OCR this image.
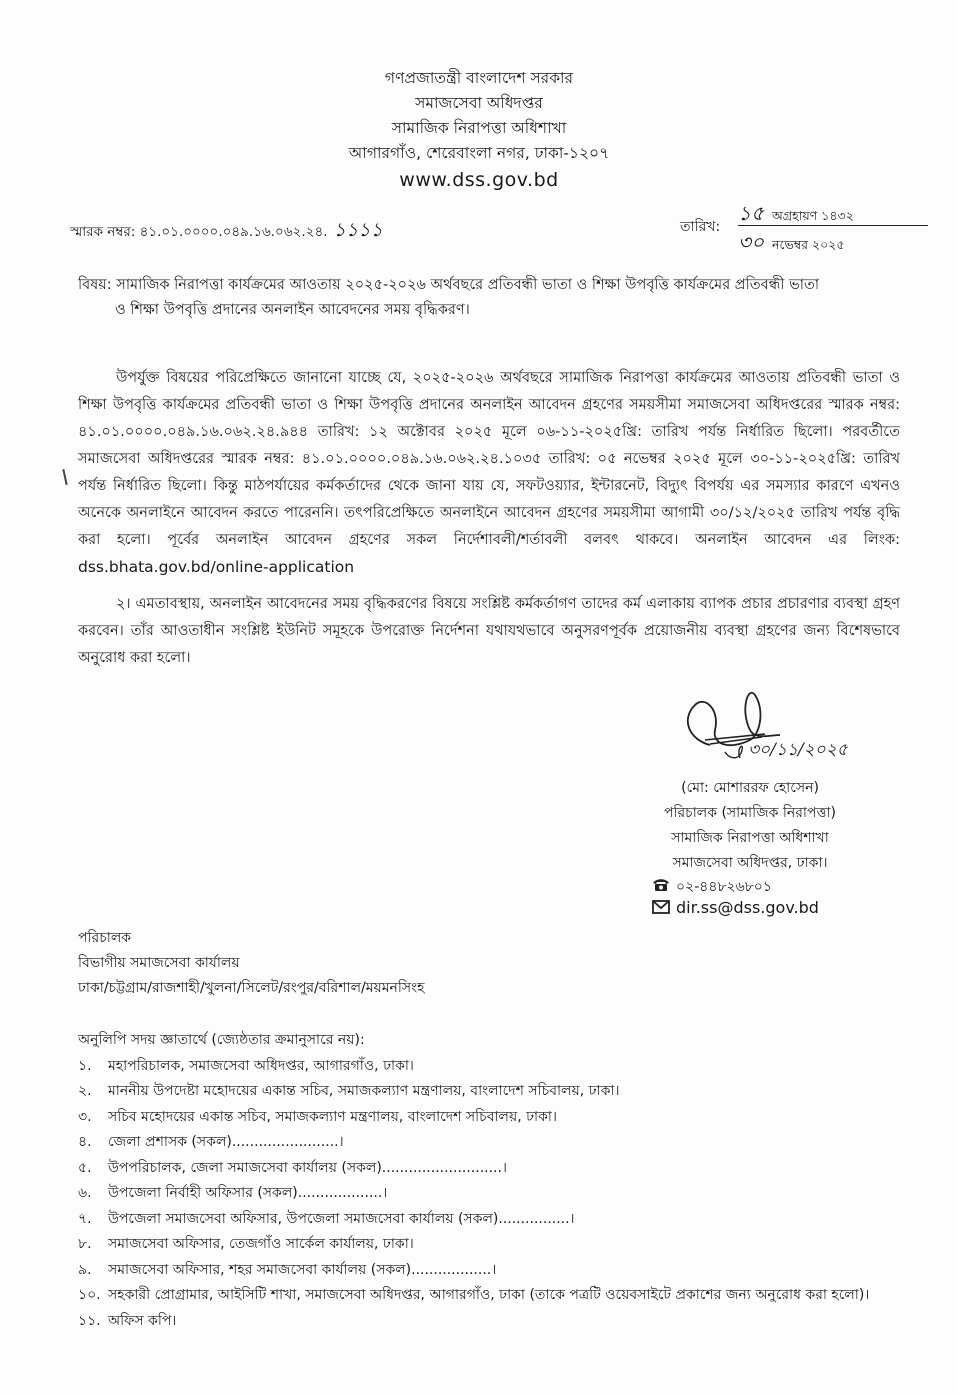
গণপ্রজাতন্ত্রী বাংলাদেশ সরকার
সমাজসেবা অধিদপ্তর
সামাজিক নিরাপত্তা অধিশাখা
আগারগাঁও, শেরেবাংলা নগর, ঢাকা-১২০৭
www.dss.gov.bd
স্মারক নম্বর: ৪১.০১.০০০০.০৪৯.১৬.০৬২.২৪. ১১১১	তারিখ:
১৫ অগ্রহায়ণ ১৪৩২
৩০ নভেম্বর ২০২৫
বিষয়: সামাজিক নিরাপত্তা কার্যক্রমের আওতায় ২০২৫-২০২৬ অর্থবছরে প্রতিবন্ধী ভাতা ও শিক্ষা উপবৃত্তি কার্যক্রমের প্রতিবন্ধী ভাতা
ও শিক্ষা উপবৃত্তি প্রদানের অনলাইন আবেদনের সময় বৃদ্ধিকরণ।
উপর্যুক্ত বিষয়ের পরিপ্রেক্ষিতে জানানো যাচ্ছে যে, ২০২৫-২০২৬ অর্থবছরে সামাজিক নিরাপত্তা কার্যক্রমের আওতায় প্রতিবন্ধী ভাতা ও শিক্ষা উপবৃত্তি কার্যক্রমের প্রতিবন্ধী ভাতা ও শিক্ষা উপবৃত্তি প্রদানের অনলাইন আবেদন গ্রহণের সময়সীমা সমাজসেবা অধিদপ্তরের স্মারক নম্বর: ৪১.০১.০০০০.০৪৯.১৬.০৬২.২৪.৯৪৪ তারিখ: ১২ অক্টোবর ২০২৫ মূলে ০৬-১১-২০২৫খ্রি: তারিখ পর্যন্ত নির্ধারিত ছিলো। পরবর্তীতে সমাজসেবা অধিদপ্তরের স্মারক নম্বর: ৪১.০১.০০০০.০৪৯.১৬.০৬২.২৪.১০৩৫ তারিখ: ০৫ নভেম্বর ২০২৫ মূলে ৩০-১১-২০২৫খ্রি: তারিখ পর্যন্ত নির্ধারিত ছিলো। কিন্তু মাঠপর্যায়ের কর্মকর্তাদের থেকে জানা যায় যে, সফটওয়্যার, ইন্টারনেট, বিদ্যুৎ বিপর্যয় এর সমস্যার কারণে এখনও অনেকে অনলাইনে আবেদন করতে পারেননি। তৎপরিপ্রেক্ষিতে অনলাইনে আবেদন গ্রহণের সময়সীমা আগামী ৩০/১২/২০২৫ তারিখ পর্যন্ত বৃদ্ধি করা হলো। পূর্বের অনলাইন আবেদন গ্রহণের সকল নির্দেশাবলী/শর্তাবলী বলবৎ থাকবে। অনলাইন আবেদন এর লিংক: dss.bhata.gov.bd/online-application
২। এমতাবস্থায়, অনলাইন আবেদনের সময় বৃদ্ধিকরণের বিষয়ে সংশ্লিষ্ট কর্মকর্তাগণ তাদের কর্ম এলাকায় ব্যাপক প্রচার প্রচারণার ব্যবস্থা গ্রহণ করবেন। তাঁর আওতাধীন সংশ্লিষ্ট ইউনিট সমূহকে উপরোক্ত নির্দেশনা যথাযথভাবে অনুসরণপূর্বক প্রয়োজনীয় ব্যবস্থা গ্রহণের জন্য বিশেষভাবে অনুরোধ করা হলো।
৩০/১১/২০২৫
(মো: মোশাররফ হোসেন)
পরিচালক (সামাজিক নিরাপত্তা)
সামাজিক নিরাপত্তা অধিশাখা
সমাজসেবা অধিদপ্তর, ঢাকা।
০২-৪৪৮২৬৮০১
dir.ss@dss.gov.bd
পরিচালক
বিভাগীয় সমাজসেবা কার্যালয়
ঢাকা/চট্টগ্রাম/রাজশাহী/খুলনা/সিলেট/রংপুর/বরিশাল/ময়মনসিংহ
অনুলিপি সদয় জ্ঞাতার্থে (জ্যেষ্ঠতার ক্রমানুসারে নয়):
১.	মহাপরিচালক, সমাজসেবা অধিদপ্তর, আগারগাঁও, ঢাকা।
২.	মাননীয় উপদেষ্টা মহোদয়ের একান্ত সচিব, সমাজকল্যাণ মন্ত্রণালয়, বাংলাদেশ সচিবালয়, ঢাকা।
৩.	সচিব মহোদয়ের একান্ত সচিব, সমাজকল্যাণ মন্ত্রণালয়, বাংলাদেশ সচিবালয়, ঢাকা।
৪.	জেলা প্রশাসক (সকল)........................।
৫.	উপপরিচালক, জেলা সমাজসেবা কার্যালয় (সকল)...........................।
৬.	উপজেলা নির্বাহী অফিসার (সকল)...................।
৭.	উপজেলা সমাজসেবা অফিসার, উপজেলা সমাজসেবা কার্যালয় (সকল)................।
৮.	সমাজসেবা অফিসার, তেজগাঁও সার্কেল কার্যালয়, ঢাকা।
৯.	সমাজসেবা অফিসার, শহর সমাজসেবা কার্যালয় (সকল)..................।
১০. সহকারী প্রোগ্রামার, আইসিটি শাখা, সমাজসেবা অধিদপ্তর, আগারগাঁও, ঢাকা (তাকে পত্রটি ওয়েবসাইটে প্রকাশের জন্য অনুরোধ করা হলো)।
১১. অফিস কপি।
